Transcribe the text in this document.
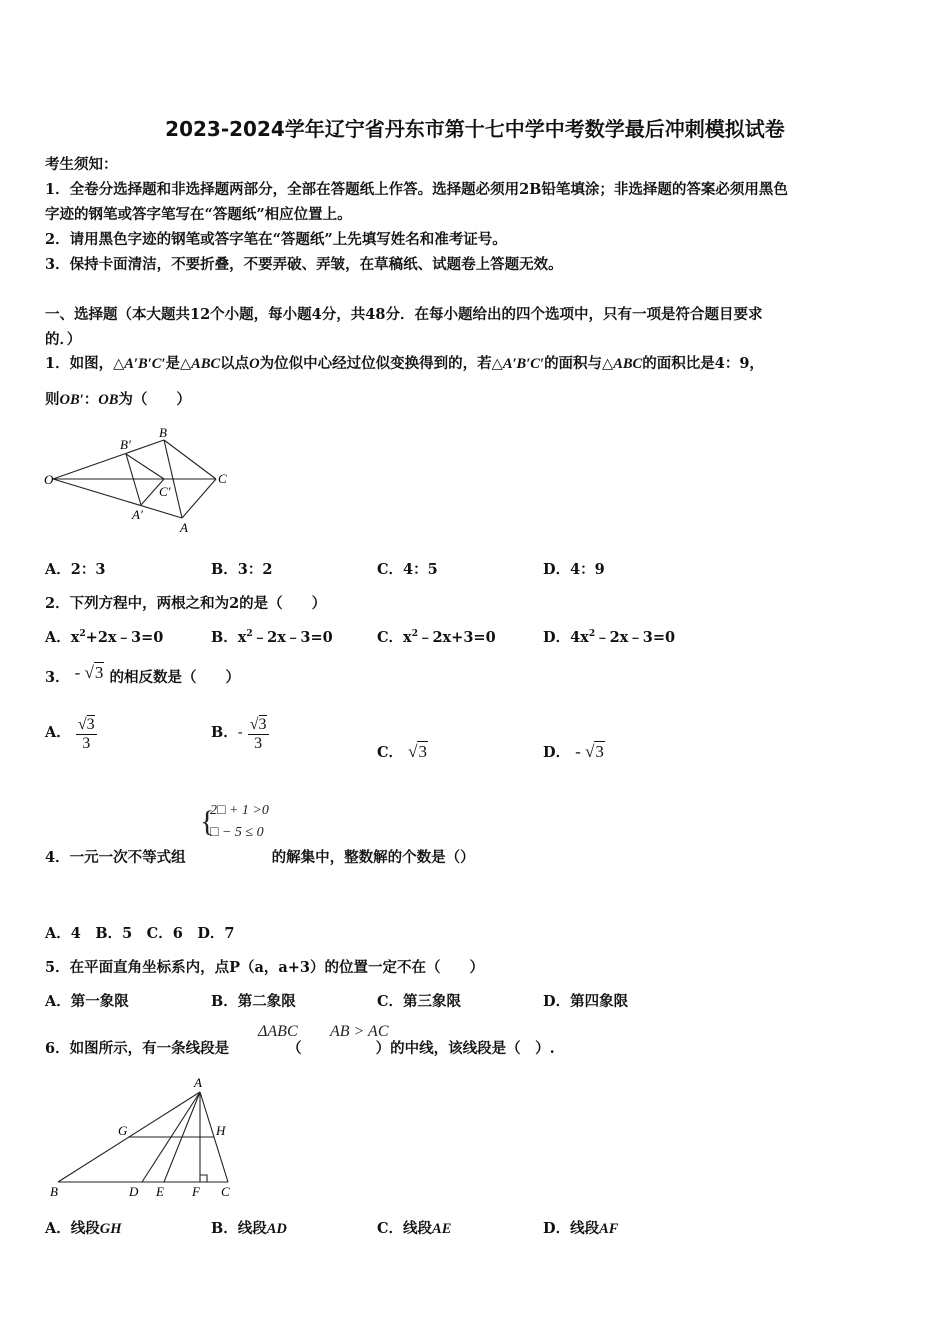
2023-2024学年辽宁省丹东市第十七中学中考数学最后冲刺模拟试卷
考生须知：
1．全卷分选择题和非选择题两部分，全部在答题纸上作答。选择题必须用2B铅笔填涂；非选择题的答案必须用黑色
字迹的钢笔或答字笔写在“答题纸”相应位置上。
2．请用黑色字迹的钢笔或答字笔在“答题纸”上先填写姓名和准考证号。
3．保持卡面清洁，不要折叠，不要弄破、弄皱，在草稿纸、试题卷上答题无效。
一、选择题（本大题共12个小题，每小题4分，共48分．在每小题给出的四个选项中，只有一项是符合题目要求
的．）
1．如图，△A′B′C′是△ABC以点O为位似中心经过位似变换得到的，若△A′B′C′的面积与△ABC的面积比是4：9，
则OB′：OB为（　　）
O
B′
B
C
C′
A′
A
A．2：3	B．3：2	C．4：5	D．4：9
2．下列方程中，两根之和为2的是（　　）
A．$x^2+2x﹣3=0$	B．$x^2﹣2x﹣3=0$	C．$x^2﹣2x+3=0$	D．$4x^2﹣2x﹣3=0$
3． - √3 的相反数是（　　）
A． $\frac{√3}{3}$	B．- $\frac{√3}{3}$	C． √3	D． - √3
{
2□ + 1 >0
□ − 5 ≤ 0
4．一元一次不等式组	的解集中，整数解的个数是（）
A．4　B．5　C．6　D．7
5．在平面直角坐标系内，点P（a，a+3）的位置一定不在（　　）
A．第一象限	B．第二象限	C．第三象限	D．第四象限
ΔABC AB > AC
6．如图所示，有一条线段是	（	）的中线，该线段是（　）.
A
G	H
B	D E F C
A．线段GH	B．线段AD	C．线段AE	D．线段AF
